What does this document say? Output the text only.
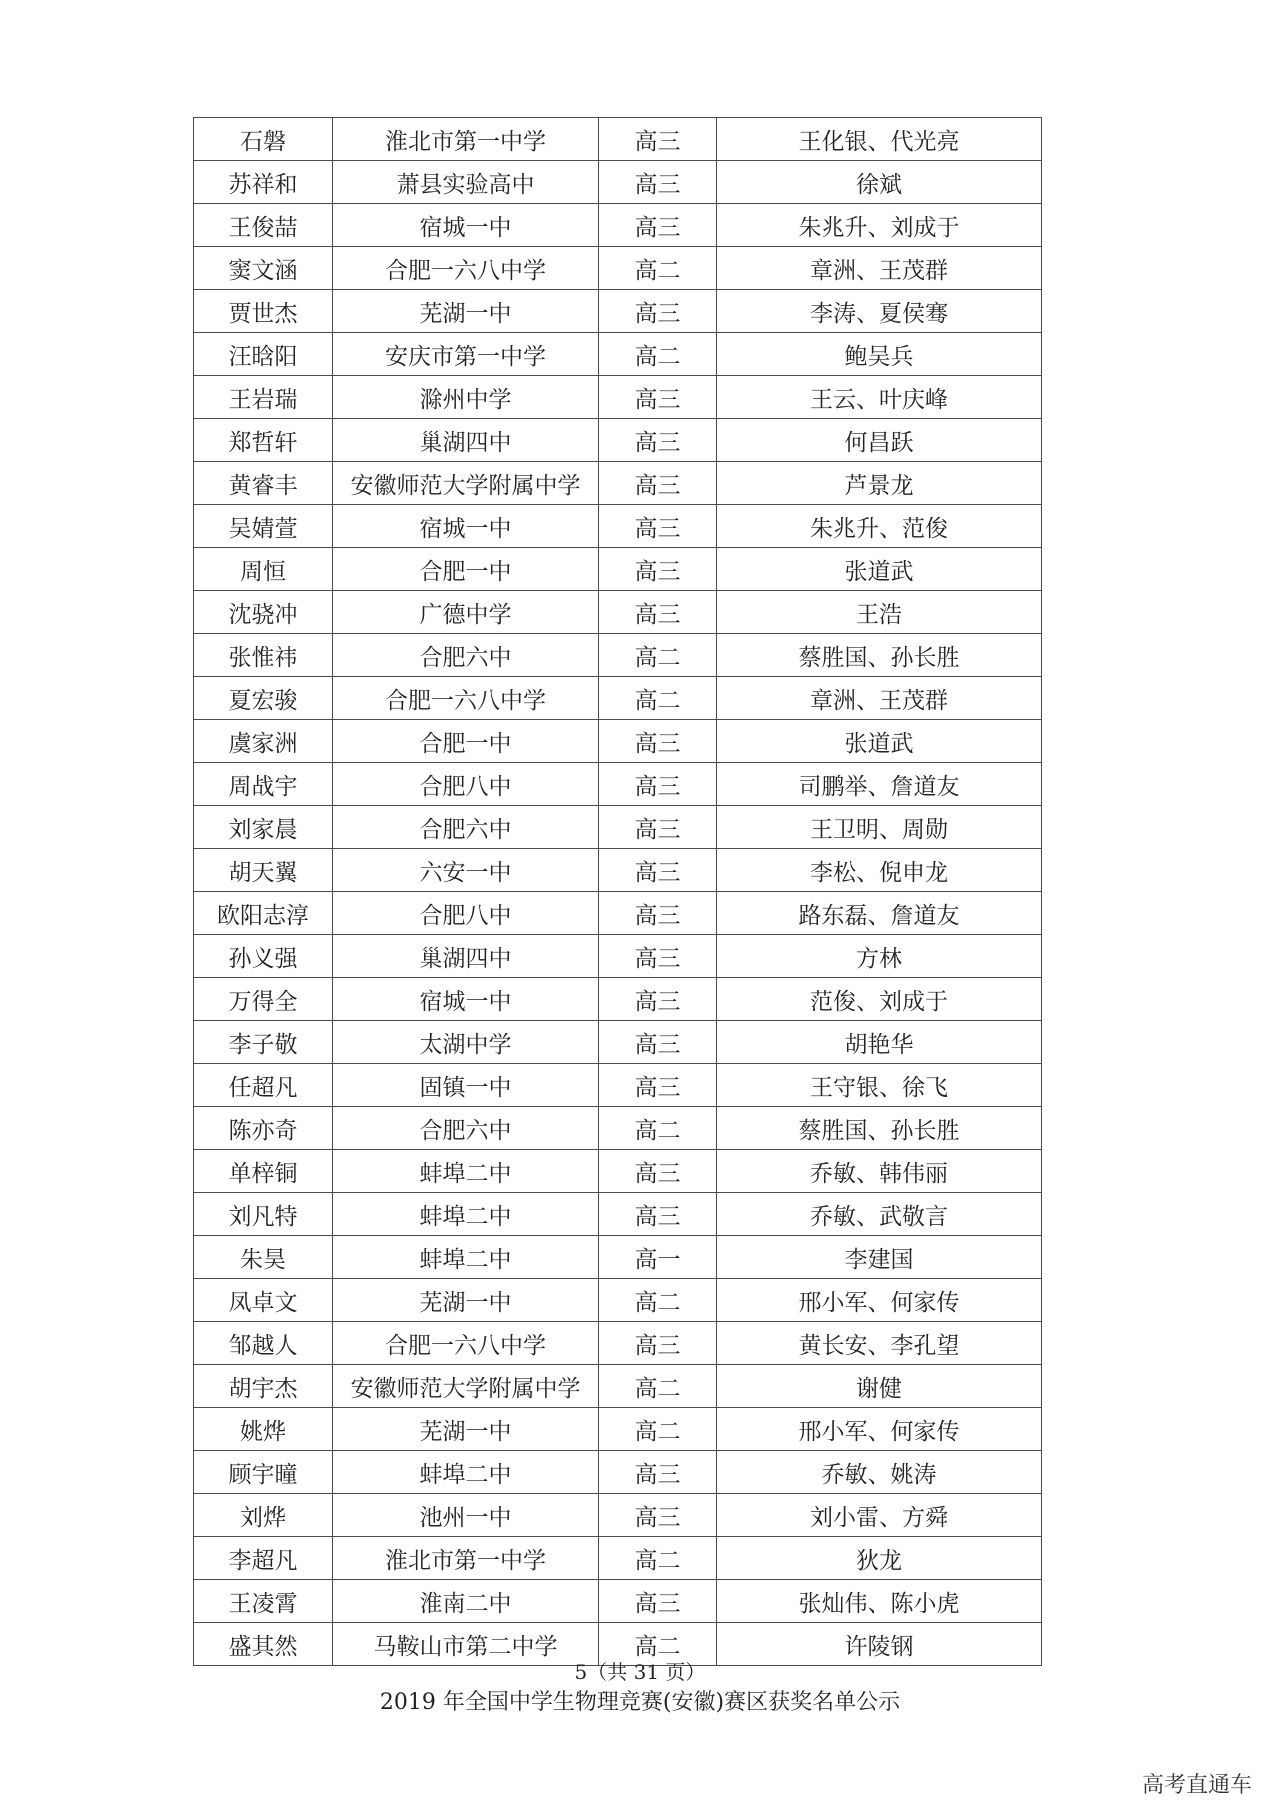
石磐	淮北市第一中学	高三	王化银、代光亮
苏祥和	萧县实验高中	高三	徐斌
王俊喆	宿城一中	高三	朱兆升、刘成于
窦文涵	合肥一六八中学	高二	章洲、王茂群
贾世杰	芜湖一中	高三	李涛、夏侯骞
汪晗阳	安庆市第一中学	高二	鲍吴兵
王岩瑞	滁州中学	高三	王云、叶庆峰
郑哲轩	巢湖四中	高三	何昌跃
黄睿丰	安徽师范大学附属中学	高三	芦景龙
吴婧萱	宿城一中	高三	朱兆升、范俊
周恒	合肥一中	高三	张道武
沈骁冲	广德中学	高三	王浩
张惟祎	合肥六中	高二	蔡胜国、孙长胜
夏宏骏	合肥一六八中学	高二	章洲、王茂群
虞家洲	合肥一中	高三	张道武
周战宇	合肥八中	高三	司鹏举、詹道友
刘家晨	合肥六中	高三	王卫明、周勋
胡天翼	六安一中	高三	李松、倪申龙
欧阳志淳	合肥八中	高三	路东磊、詹道友
孙义强	巢湖四中	高三	方林
万得全	宿城一中	高三	范俊、刘成于
李子敬	太湖中学	高三	胡艳华
任超凡	固镇一中	高三	王守银、徐飞
陈亦奇	合肥六中	高二	蔡胜国、孙长胜
单梓铜	蚌埠二中	高三	乔敏、韩伟丽
刘凡特	蚌埠二中	高三	乔敏、武敬言
朱昊	蚌埠二中	高一	李建国
凤卓文	芜湖一中	高二	邢小军、何家传
邹越人	合肥一六八中学	高三	黄长安、李孔望
胡宇杰	安徽师范大学附属中学	高二	谢健
姚烨	芜湖一中	高二	邢小军、何家传
顾宇曈	蚌埠二中	高三	乔敏、姚涛
刘烨	池州一中	高三	刘小雷、方舜
李超凡	淮北市第一中学	高二	狄龙
王凌霄	淮南二中	高三	张灿伟、陈小虎
盛其然	马鞍山市第二中学	高二	许陵钢
5（共 31 页）
2019 年全国中学生物理竞赛(安徽)赛区获奖名单公示
高考直通车
